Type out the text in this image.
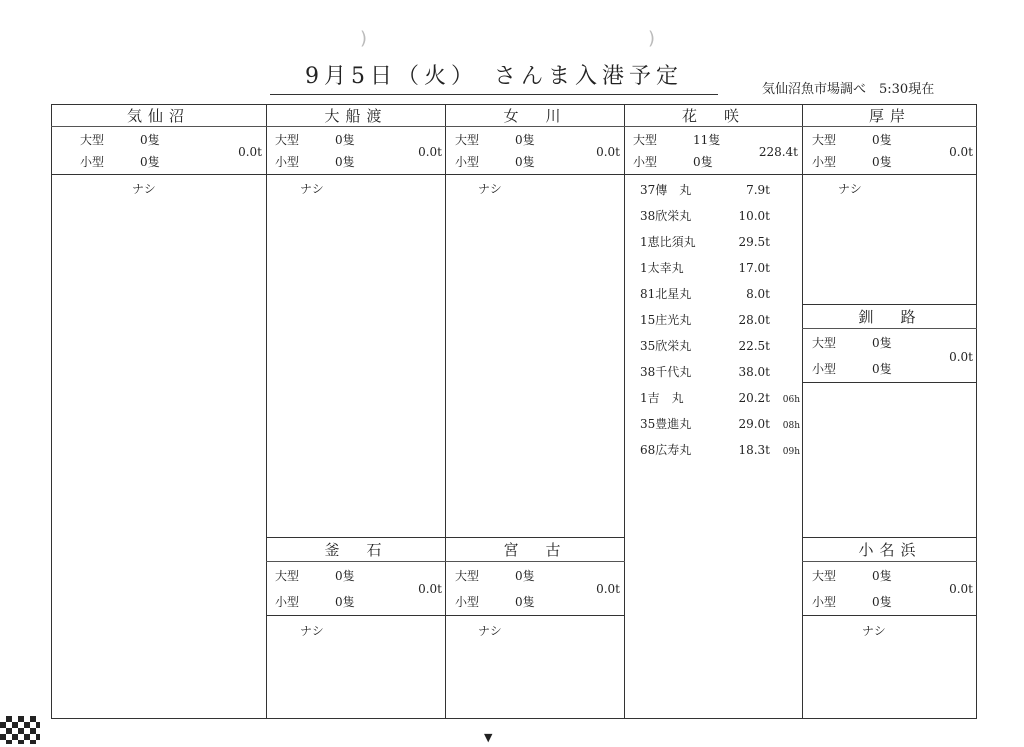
)	)
9月5日（火）　さんま入港予定
気仙沼魚市場調べ　5:30現在
気仙沼
大型	0隻
小型	0隻
0.0t
ナシ
大船渡
大型	0隻
小型	0隻
0.0t
ナシ
女　川
大型	0隻
小型	0隻
0.0t
ナシ
花　咲
大型	11隻
小型	0隻
228.4t
37傳　丸	7.9t
38欣栄丸	10.0t
1恵比須丸	29.5t
1太幸丸	17.0t
81北星丸	8.0t
15庄光丸	28.0t
35欣栄丸	22.5t
38千代丸	38.0t
1吉　丸	20.2t 06h
35豊進丸	29.0t 08h
68広寿丸	18.3t 09h
厚岸
大型	0隻
小型	0隻
0.0t
ナシ
釧　路
大型	0隻
小型	0隻
0.0t
釜　石
大型	0隻
小型	0隻
0.0t
ナシ
宮　古
大型	0隻
小型	0隻
0.0t
ナシ
小名浜
大型	0隻
小型	0隻
0.0t
ナシ
▼
